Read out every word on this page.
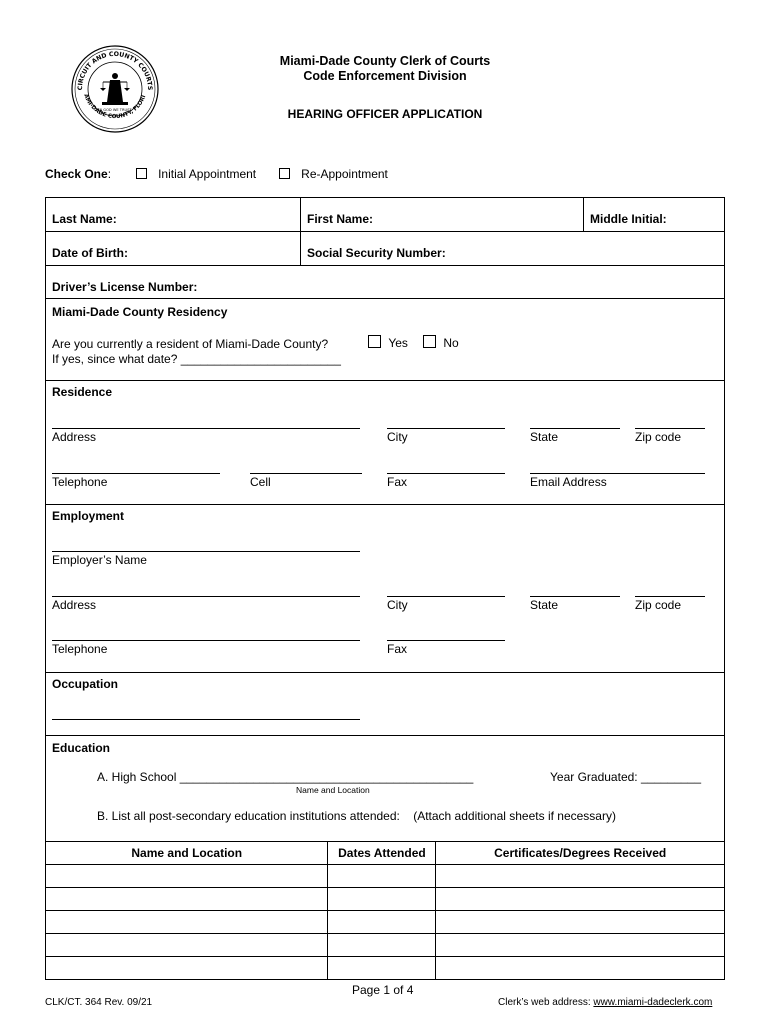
CIRCUIT AND COUNTY COURTS
AMI-DADE COUNTY, FLORI
IN GOD WE TRUST
Miami-Dade County Clerk of Courts
Code Enforcement Division
HEARING OFFICER APPLICATION
Check One:	Initial Appointment	Re-Appointment
Last Name:	First Name:	Middle Initial:
Date of Birth:	Social Security Number:
Driver’s License Number:
Miami-Dade County Residency
Are you currently a resident of Miami-Dade County?	Yes	No
If yes, since what date? ________________________
Residence
Address	City	State	Zip code
Telephone	Cell	Fax	Email Address
Employment
Employer’s Name
Address	City	State	Zip code
Telephone	Fax
Occupation
Education
A. High School ____________________________________________
Name and Location
Year Graduated: _________
B. List all post-secondary education institutions attended: (Attach additional sheets if necessary)
Name and Location	Dates Attended	Certificates/Degrees Received

CLK/CT. 364 Rev. 09/21
Page 1 of 4
Clerk’s web address: www.miami-dadeclerk.com
